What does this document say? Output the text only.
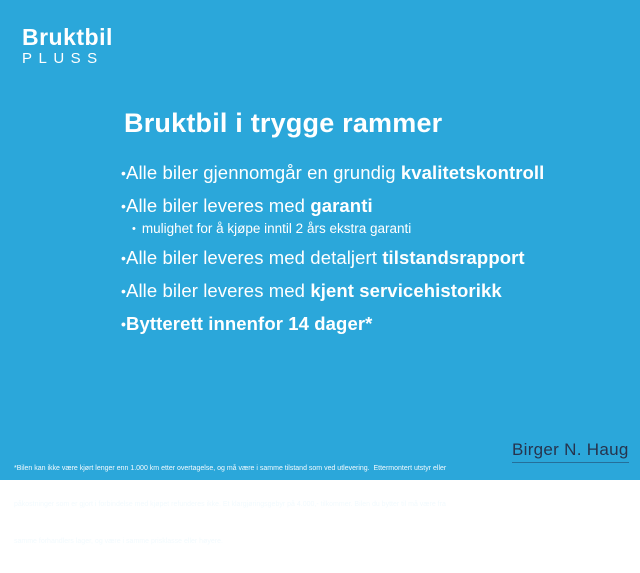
Bruktbil
PLUSS
Bruktbil i trygge rammer
•Alle biler gjennomgår en grundig kvalitetskontroll
•Alle biler leveres med garanti
• mulighet for å kjøpe inntil 2 års ekstra garanti
•Alle biler leveres med detaljert tilstandsrapport
•Alle biler leveres med kjent servicehistorikk
•Bytterett innenfor 14 dager*

*Bilen kan ikke være kjørt lenger enn 1.000 km etter overtagelse, og må være i samme tilstand som ved utlevering.  Ettermontert utstyr eller

påkostninger som er gjort i forbindelse med kjøpet refunderes ikke. Et klargjøringsgebyr på 4.000,- tilkommer. Bilen du bytter til må være fra

samme forhandlers lager, og være i samme prisklasse eller høyere.

Birger N. Haug
